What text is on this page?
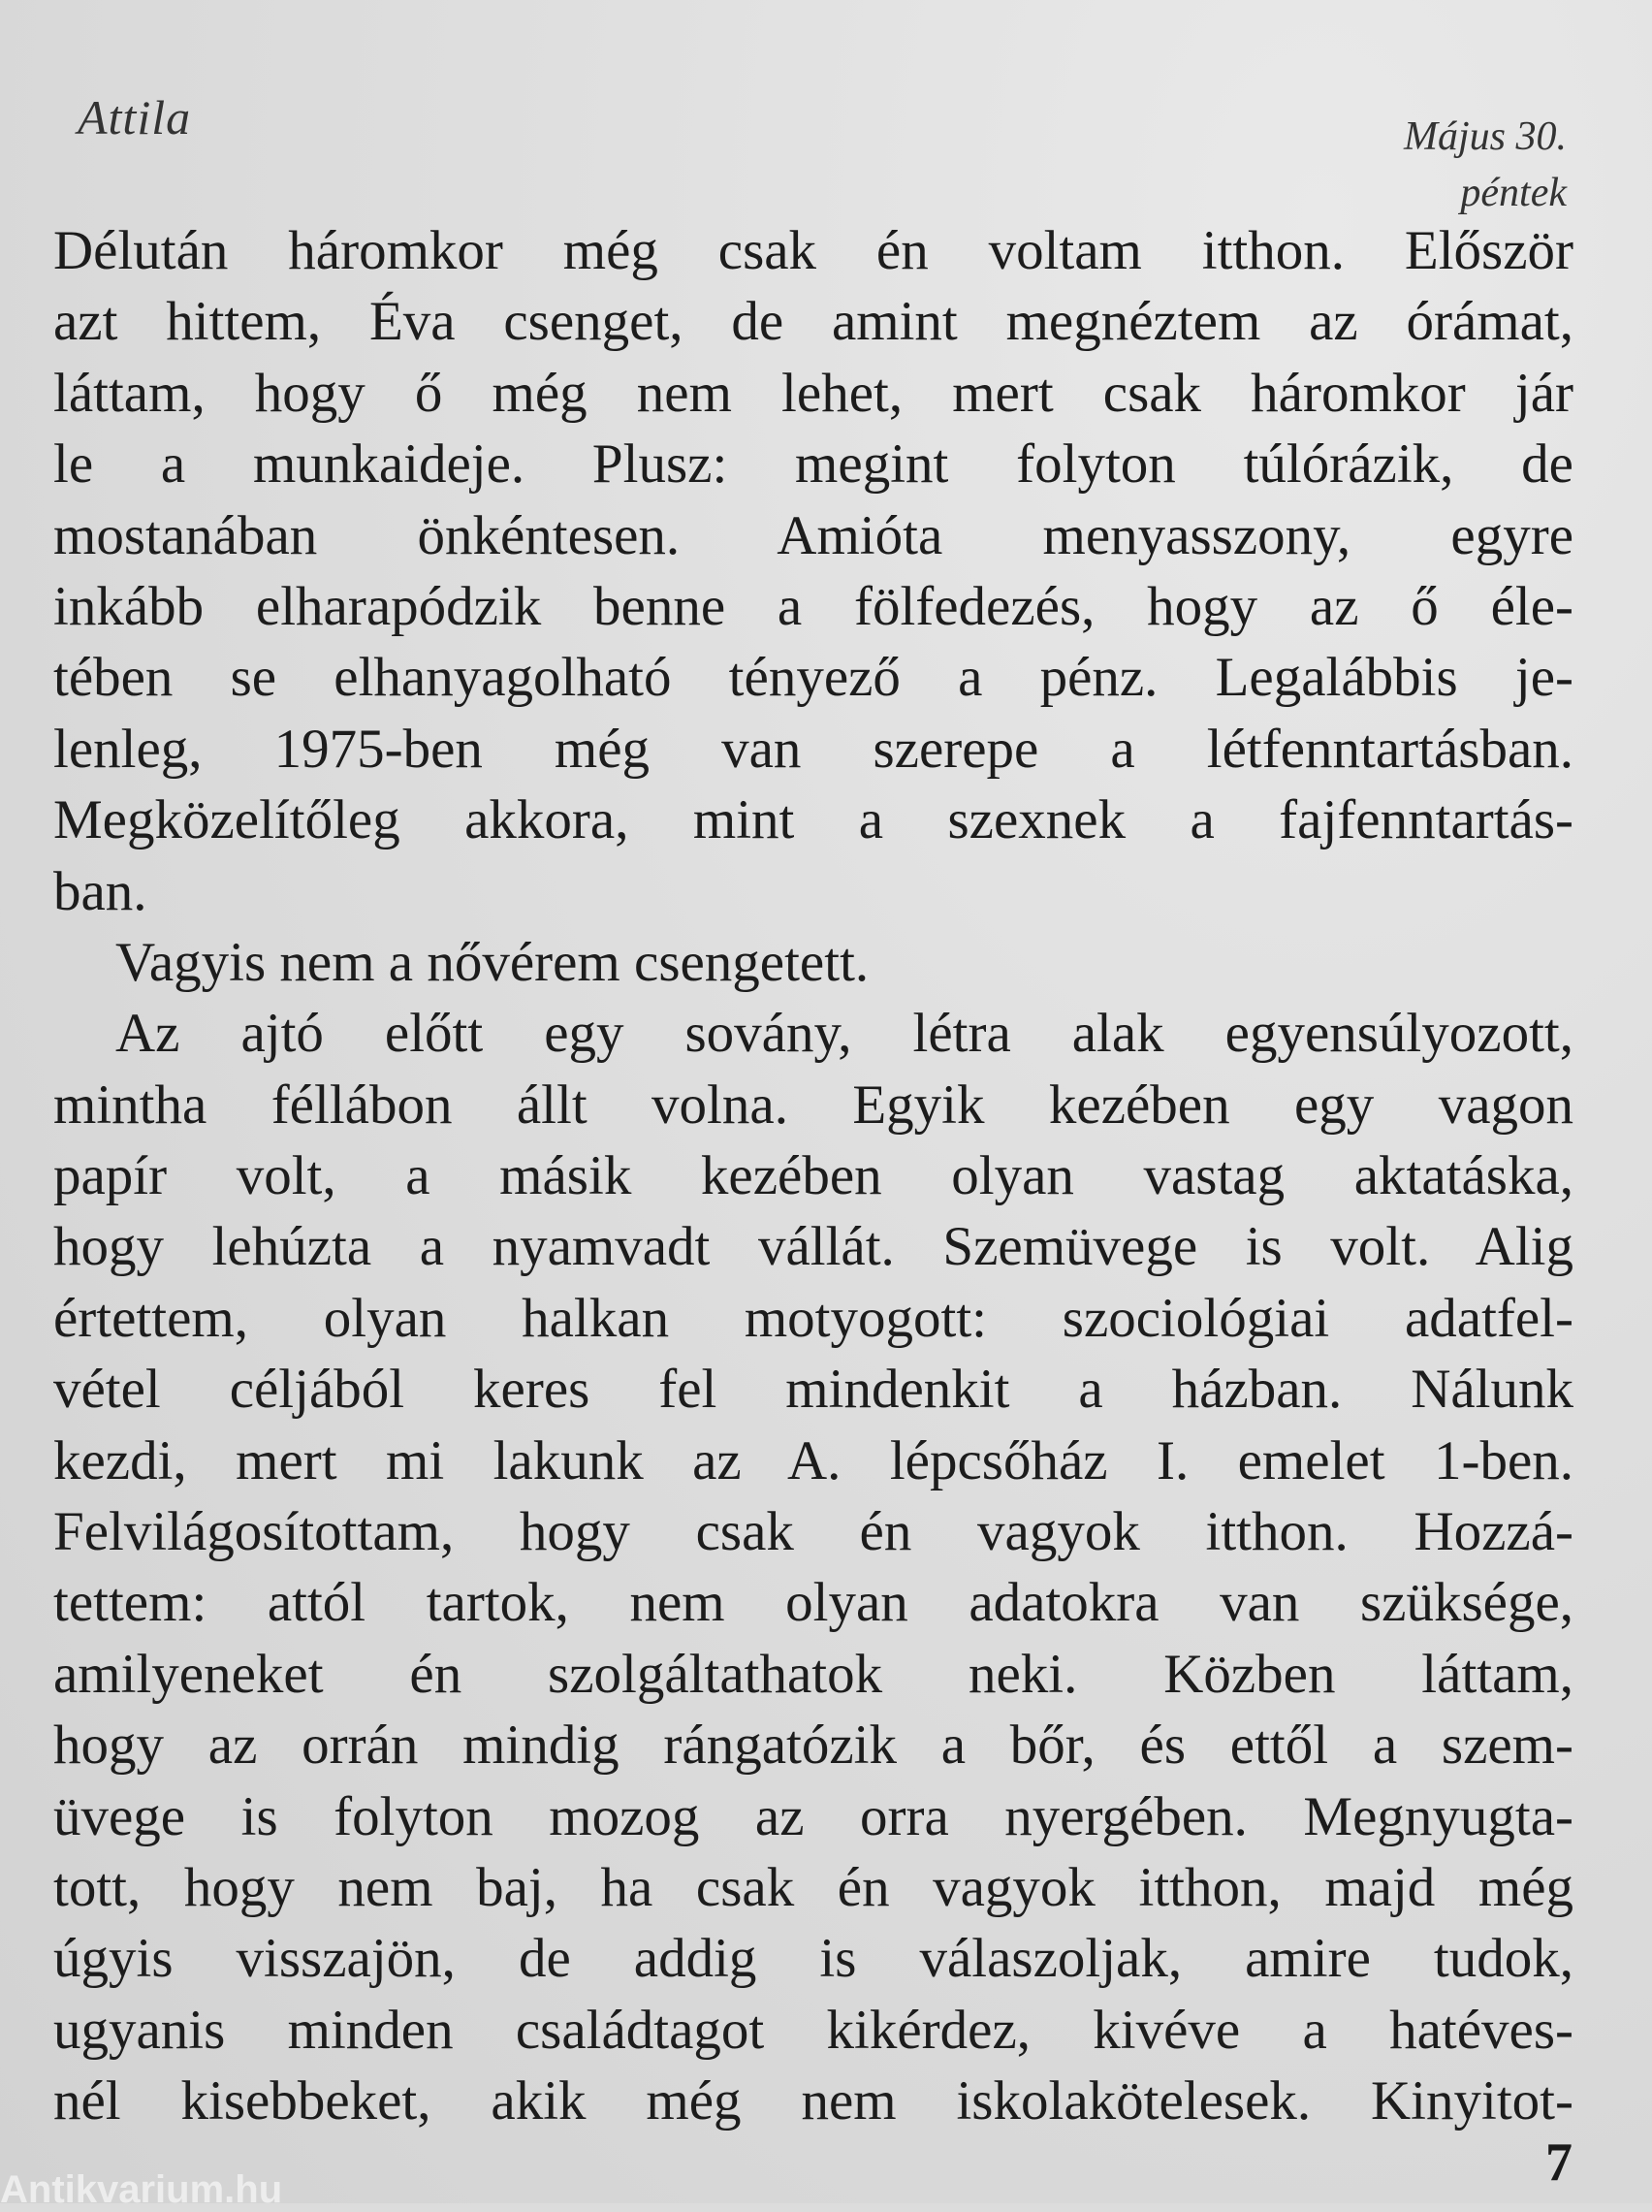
Attila	Május 30.
péntek
Délután háromkor még csak én voltam itthon. Először
azt hittem, Éva csenget, de amint megnéztem az órámat,
láttam, hogy ő még nem lehet, mert csak háromkor jár
le a munkaideje. Plusz: megint folyton túlórázik, de
mostanában önkéntesen. Amióta menyasszony, egyre
inkább elharapódzik benne a fölfedezés, hogy az ő éle-
tében se elhanyagolható tényező a pénz. Legalábbis je-
lenleg, 1975-ben még van szerepe a létfenntartásban.
Megközelítőleg akkora, mint a szexnek a fajfenntartás-
ban.
Vagyis nem a nővérem csengetett.
Az ajtó előtt egy sovány, létra alak egyensúlyozott,
mintha féllábon állt volna. Egyik kezében egy vagon
papír volt, a másik kezében olyan vastag aktatáska,
hogy lehúzta a nyamvadt vállát. Szemüvege is volt. Alig
értettem, olyan halkan motyogott: szociológiai adatfel-
vétel céljából keres fel mindenkit a házban. Nálunk
kezdi, mert mi lakunk az A. lépcsőház I. emelet 1-ben.
Felvilágosítottam, hogy csak én vagyok itthon. Hozzá-
tettem: attól tartok, nem olyan adatokra van szüksége,
amilyeneket én szolgáltathatok neki. Közben láttam,
hogy az orrán mindig rángatózik a bőr, és ettől a szem-
üvege is folyton mozog az orra nyergében. Megnyugta-
tott, hogy nem baj, ha csak én vagyok itthon, majd még
úgyis visszajön, de addig is válaszoljak, amire tudok,
ugyanis minden családtagot kikérdez, kivéve a hatéves-
nél kisebbeket, akik még nem iskolakötelesek. Kinyitot-
7
Antikvarium.hu
